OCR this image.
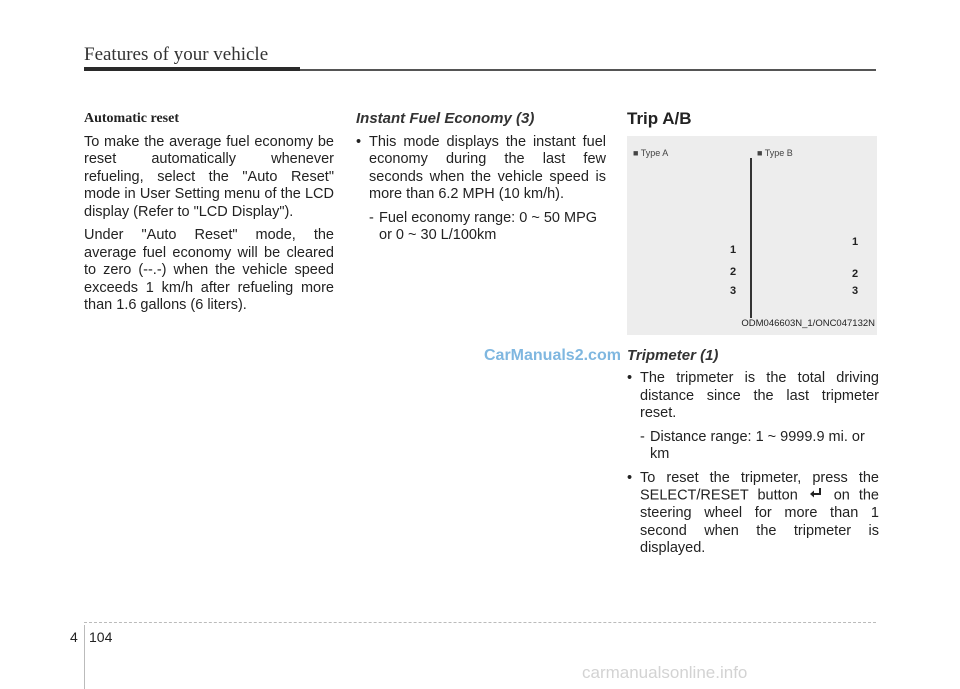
Features of your vehicle
Automatic reset

To make the average fuel economy be reset automatically whenever refueling, select the "Auto Reset" mode in User Setting menu of the LCD display (Refer to "LCD Display").

Under "Auto Reset" mode, the average fuel economy will be cleared to zero (--.-) when the vehicle speed exceeds 1 km/h after refueling more than 1.6 gallons (6 liters).

Instant Fuel Economy (3)
• This mode displays the instant fuel economy during the last few seconds when the vehicle speed is more than 6.2 MPH (10 km/h).
- Fuel economy range: 0 ~ 50 MPG or 0 ~ 30 L/100km
Trip A/B
■ Type A	■ Type B
1
2
3
1
2
3
ODM046603N_1/ONC047132N
Tripmeter (1)
• The tripmeter is the total driving distance since the last tripmeter reset.
- Distance range: 1 ~ 9999.9 mi. or km
• To reset the tripmeter, press the SELECT/RESET button on the steering wheel for more than 1 second when the tripmeter is displayed.
CarManuals2.com
4 104
carmanualsonline.info
